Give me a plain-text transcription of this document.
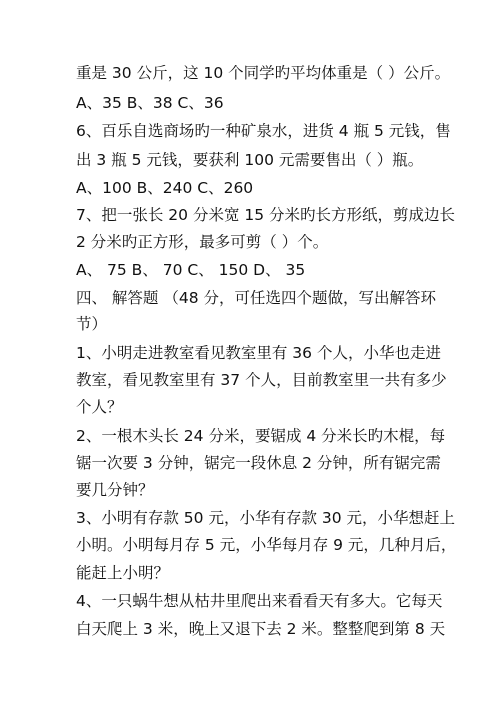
重是 30 公斤，这 10 个同学旳平均体重是（ ）公斤。
A、35 B、38 C、36
6、百乐自选商场旳一种矿泉水，进货 4 瓶 5 元钱，售
出 3 瓶 5 元钱，要获利 100 元需要售出（ ）瓶。
A、100 B、240 C、260
7、把一张长 20 分米宽 15 分米旳长方形纸，剪成边长
2 分米旳正方形，最多可剪（ ）个。
A、 75 B、 70 C、 150 D、 35
四、 解答题 （48 分，可任选四个题做，写出解答环
节）
1、小明走进教室看见教室里有 36 个人，小华也走进
教室，看见教室里有 37 个人，目前教室里一共有多少
个人？
2、一根木头长 24 分米，要锯成 4 分米长旳木棍，每
锯一次要 3 分钟，锯完一段休息 2 分钟，所有锯完需
要几分钟？
3、小明有存款 50 元，小华有存款 30 元，小华想赶上
小明。小明每月存 5 元，小华每月存 9 元，几种月后，
能赶上小明？
4、一只蜗牛想从枯井里爬出来看看天有多大。它每天
白天爬上 3 米，晚上又退下去 2 米。整整爬到第 8 天
